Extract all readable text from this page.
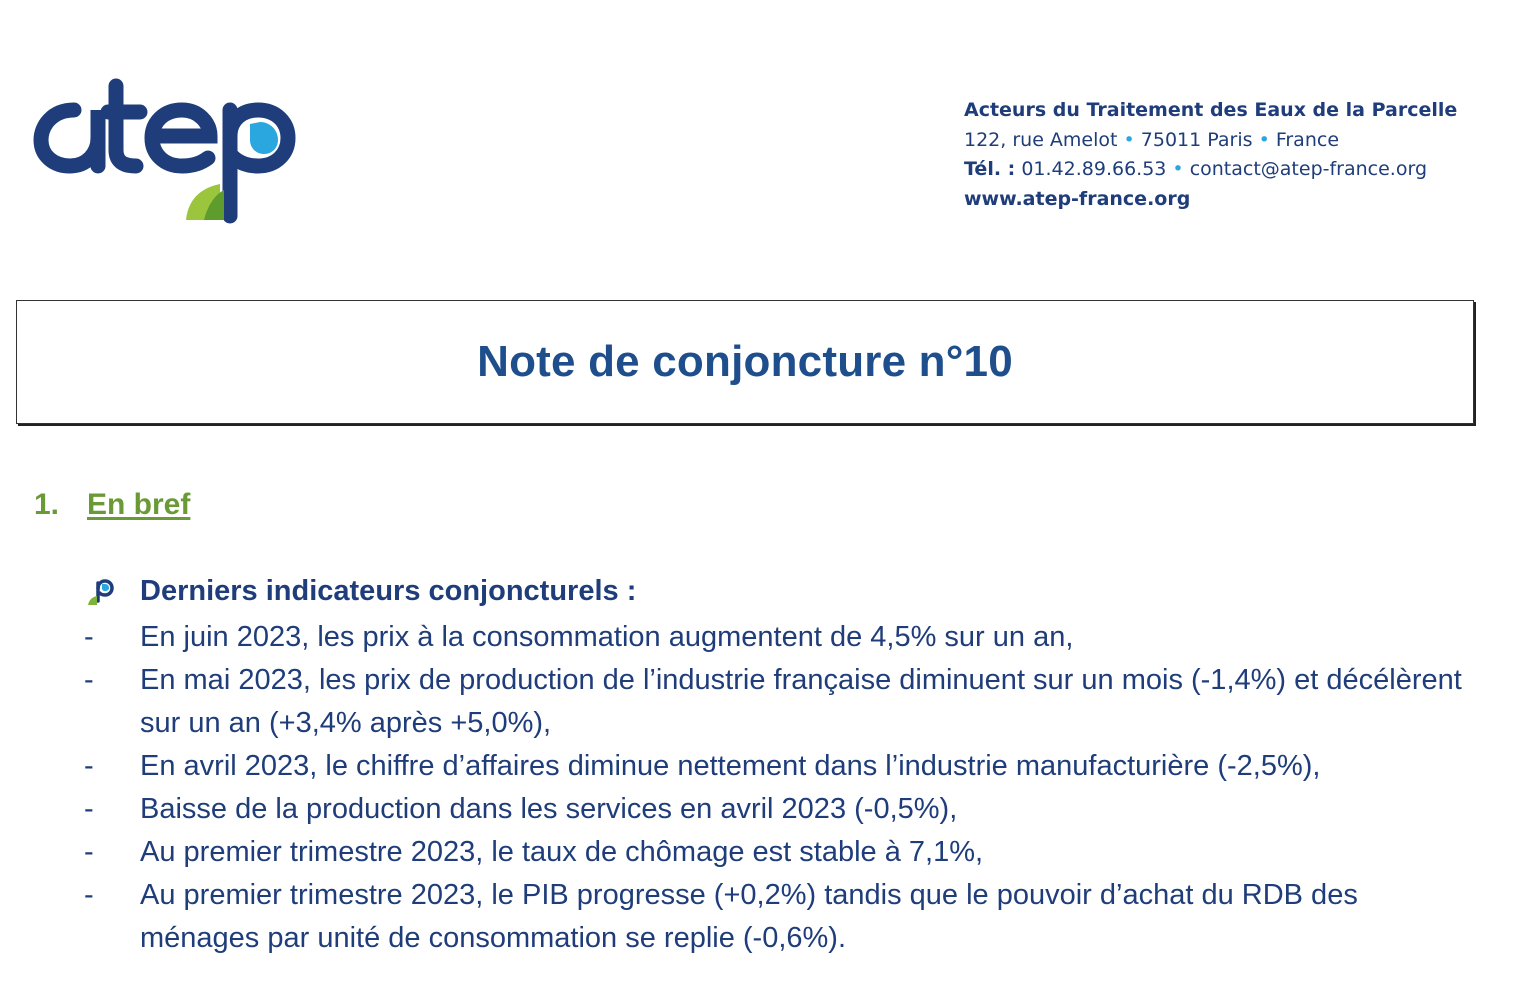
Acteurs du Traitement des Eaux de la Parcelle
122, rue Amelot • 75011 Paris • France
Tél. : 01.42.89.66.53 • contact@atep-france.org
www.atep-france.org
Note de conjoncture n°10
1. En bref
Derniers indicateurs conjoncturels :
- En juin 2023, les prix à la consommation augmentent de 4,5% sur un an,
- En mai 2023, les prix de production de l’industrie française diminuent sur un mois (-1,4%) et décélèrent sur un an (+3,4% après +5,0%),
- En avril 2023, le chiffre d’affaires diminue nettement dans l’industrie manufacturière (-2,5%),
- Baisse de la production dans les services en avril 2023 (-0,5%),
- Au premier trimestre 2023, le taux de chômage est stable à 7,1%,
- Au premier trimestre 2023, le PIB progresse (+0,2%) tandis que le pouvoir d’achat du RDB des ménages par unité de consommation se replie (-0,6%).
